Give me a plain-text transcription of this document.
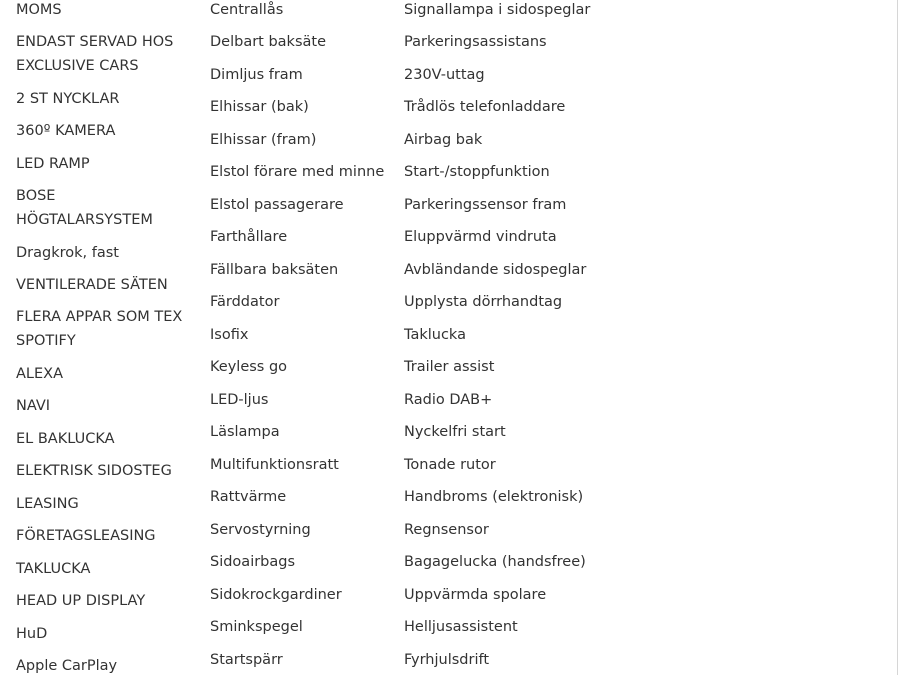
MOMS
ENDAST SERVAD HOS EXCLUSIVE CARS
2 ST NYCKLAR
360º KAMERA
LED RAMP
BOSE HÖGTALARSYSTEM
Dragkrok, fast
VENTILERADE SÄTEN
FLERA APPAR SOM TEX SPOTIFY
ALEXA
NAVI
EL BAKLUCKA
ELEKTRISK SIDOSTEG
LEASING
FÖRETAGSLEASING
TAKLUCKA
HEAD UP DISPLAY
HuD
Apple CarPlay
Centrallås
Delbart baksäte
Dimljus fram
Elhissar (bak)
Elhissar (fram)
Elstol förare med minne
Elstol passagerare
Farthållare
Fällbara baksäten
Färddator
Isofix
Keyless go
LED-ljus
Läslampa
Multifunktionsratt
Rattvärme
Servostyrning
Sidoairbags
Sidokrockgardiner
Sminkspegel
Startspärr
Signallampa i sidospeglar
Parkeringsassistans
230V-uttag
Trådlös telefonladdare
Airbag bak
Start-/stoppfunktion
Parkeringssensor fram
Eluppvärmd vindruta
Avbländande sidospeglar
Upplysta dörrhandtag
Taklucka
Trailer assist
Radio DAB+
Nyckelfri start
Tonade rutor
Handbroms (elektronisk)
Regnsensor
Bagagelucka (handsfree)
Uppvärmda spolare
Helljusassistent
Fyrhjulsdrift
